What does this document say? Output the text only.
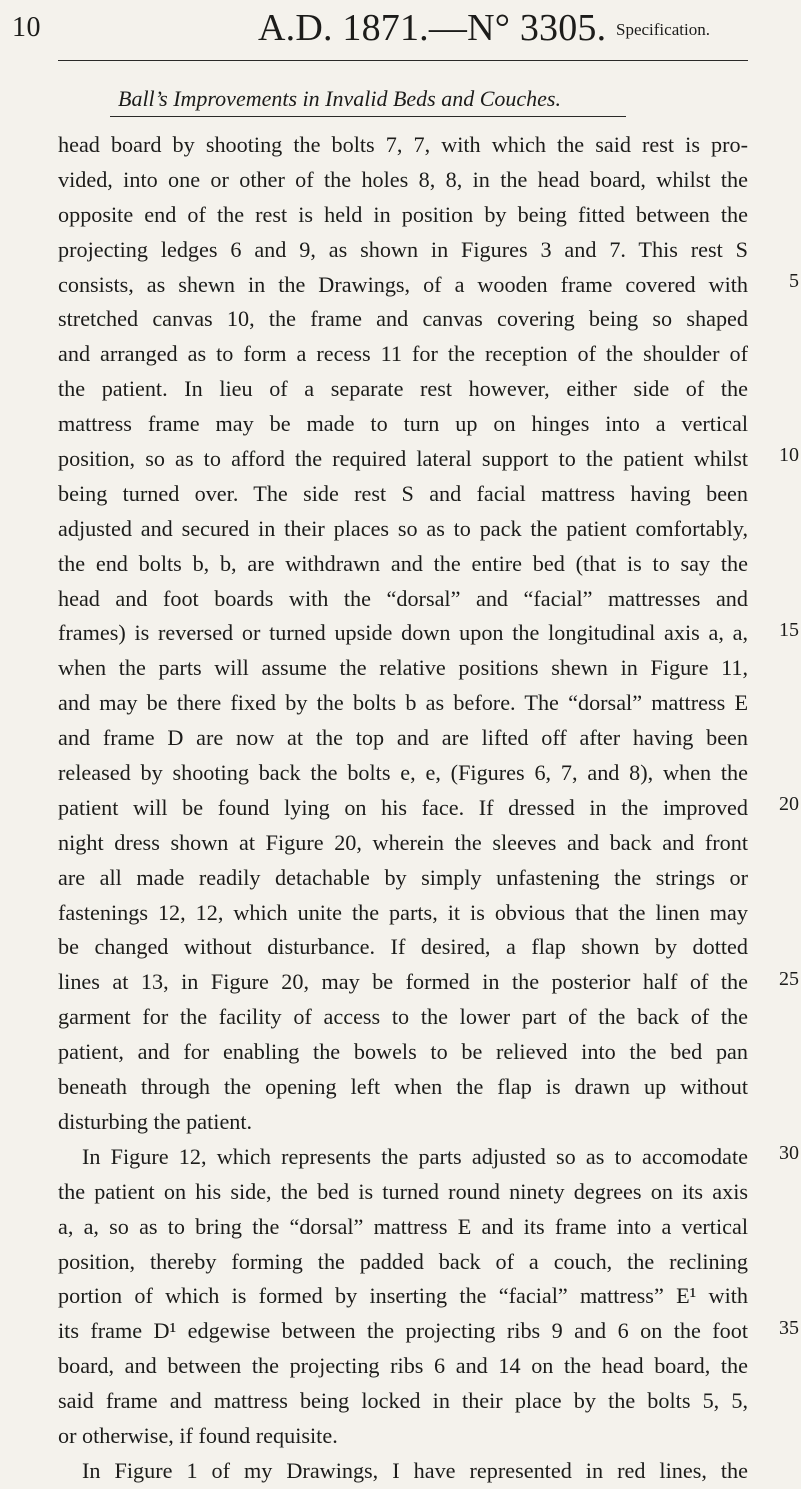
10	A.D. 1871.—N° 3305. Specification.
Ball’s Improvements in Invalid Beds and Couches.
head board by shooting the bolts 7, 7, with which the said rest is pro-
vided, into one or other of the holes 8, 8, in the head board, whilst the
opposite end of the rest is held in position by being fitted between the
projecting ledges 6 and 9, as shown in Figures 3 and 7. This rest S
consists, as shewn in the Drawings, of a wooden frame covered with
stretched canvas 10, the frame and canvas covering being so shaped
and arranged as to form a recess 11 for the reception of the shoulder of
the patient. In lieu of a separate rest however, either side of the
mattress frame may be made to turn up on hinges into a vertical
position, so as to afford the required lateral support to the patient whilst
being turned over. The side rest S and facial mattress having been
adjusted and secured in their places so as to pack the patient comfortably,
the end bolts b, b, are withdrawn and the entire bed (that is to say the
head and foot boards with the “dorsal” and “facial” mattresses and
frames) is reversed or turned upside down upon the longitudinal axis a, a,
when the parts will assume the relative positions shewn in Figure 11,
and may be there fixed by the bolts b as before. The “dorsal” mattress E
and frame D are now at the top and are lifted off after having been
released by shooting back the bolts e, e, (Figures 6, 7, and 8), when the
patient will be found lying on his face. If dressed in the improved
night dress shown at Figure 20, wherein the sleeves and back and front
are all made readily detachable by simply unfastening the strings or
fastenings 12, 12, which unite the parts, it is obvious that the linen may
be changed without disturbance. If desired, a flap shown by dotted
lines at 13, in Figure 20, may be formed in the posterior half of the
garment for the facility of access to the lower part of the back of the
patient, and for enabling the bowels to be relieved into the bed pan
beneath through the opening left when the flap is drawn up without
disturbing the patient.
In Figure 12, which represents the parts adjusted so as to accomodate
the patient on his side, the bed is turned round ninety degrees on its axis
a, a, so as to bring the “dorsal” mattress E and its frame into a vertical
position, thereby forming the padded back of a couch, the reclining
portion of which is formed by inserting the “facial” mattress” E¹ with
its frame D¹ edgewise between the projecting ribs 9 and 6 on the foot
board, and between the projecting ribs 6 and 14 on the head board, the
said frame and mattress being locked in their place by the bolts 5, 5,
or otherwise, if found requisite.
In Figure 1 of my Drawings, I have represented in red lines, the
5
10
15
20
25
30
35
